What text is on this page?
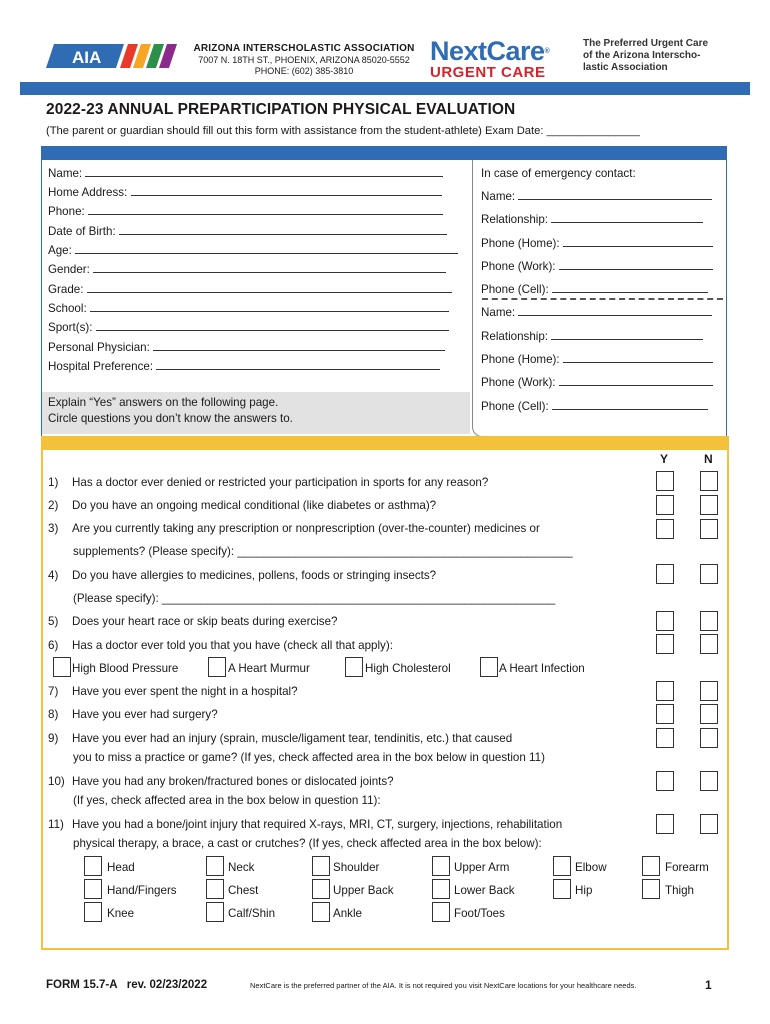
AIA	ARIZONA INTERSCHOLASTIC ASSOCIATION
7007 N. 18TH ST., PHOENIX, ARIZONA 85020-5552
PHONE: (602) 385-3810
NextCare®
URGENT CARE
The Preferred Urgent Care
of the Arizona Interscho-
lastic Association
2022-23 ANNUAL PREPARTICIPATION PHYSICAL EVALUATION
(The parent or guardian should fill out this form with assistance from the student-athlete) Exam Date: _______________
Name:
Home Address:
Phone:
Date of Birth:
Age:
Gender:
Grade:
School:
Sport(s):
Personal Physician:
Hospital Preference:
Explain “Yes” answers on the following page.
Circle questions you don’t know the answers to.
In case of emergency contact:
Name:
Relationship:
Phone (Home):
Phone (Work):
Phone (Cell):
Name:
Relationship:
Phone (Home):
Phone (Work):
Phone (Cell):
Y	N
1) Has a doctor ever denied or restricted your participation in sports for any reason?
2) Do you have an ongoing medical conditional (like diabetes or asthma)?
3) Are you currently taking any prescription or nonprescription (over-the-counter) medicines or
supplements? (Please specify): ____________________________________________________
4) Do you have allergies to medicines, pollens, foods or stringing insects?
(Please specify): _____________________________________________________________
5) Does your heart race or skip beats during exercise?
6) Has a doctor ever told you that you have (check all that apply):
High Blood Pressure	A Heart Murmur	High Cholesterol	A Heart Infection
7) Have you ever spent the night in a hospital?
8) Have you ever had surgery?
9) Have you ever had an injury (sprain, muscle/ligament tear, tendinitis, etc.) that caused
you to miss a practice or game? (If yes, check affected area in the box below in question 11)
10) Have you had any broken/fractured bones or dislocated joints?
(If yes, check affected area in the box below in question 11):
11) Have you had a bone/joint injury that required X-rays, MRI, CT, surgery, injections, rehabilitation
physical therapy, a brace, a cast or crutches? (If yes, check affected area in the box below):
Head	Neck	Shoulder	Upper Arm	Elbow	Forearm
Hand/Fingers	Chest	Upper Back	Lower Back	Hip	Thigh
Knee	Calf/Shin	Ankle	Foot/Toes
FORM 15.7-A   rev. 02/23/2022	NextCare is the preferred partner of the AIA. It is not required you visit NextCare locations for your healthcare needs.	1
